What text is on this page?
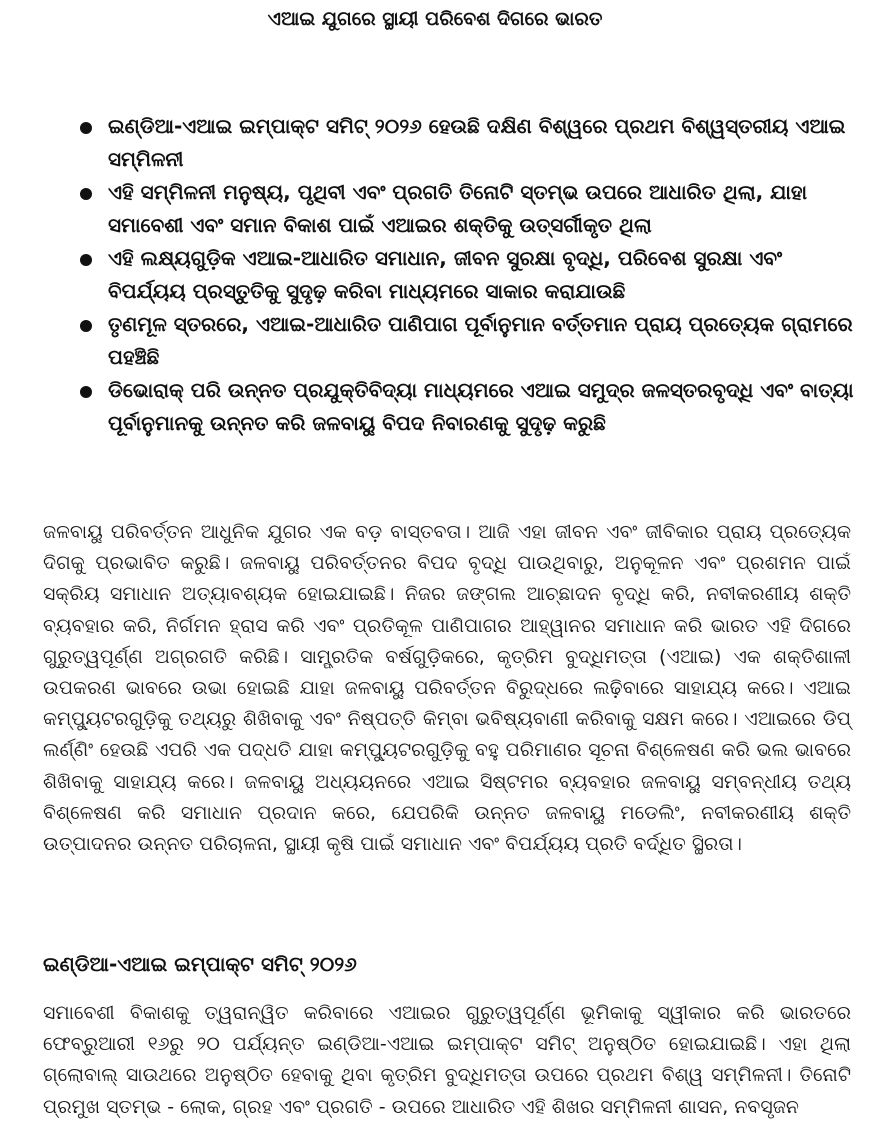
ଏଆଇ ଯୁଗରେ ସ୍ଥାୟୀ ପରିବେଶ ଦିଗରେ ଭାରତ
ଇଣ୍ଡିଆ-ଏଆଇ ଇମ୍ପାକ୍ଟ ସମିଟ୍ ୨୦୨୬ ହେଉଛି ଦକ୍ଷିଣ ବିଶ୍ୱରେ ପ୍ରଥମ ବିଶ୍ୱସ୍ତରୀୟ ଏଆଇ ସମ୍ମିଳନୀ
ଏହି ସମ୍ମିଳନୀ ମନୁଷ୍ୟ, ପୃଥିବୀ ଏବଂ ପ୍ରଗତି ତିନୋଟି ସ୍ତମ୍ଭ ଉପରେ ଆଧାରିତ ଥିଲା, ଯାହା ସମାବେଶୀ ଏବଂ ସମାନ ବିକାଶ ପାଇଁ ଏଆଇର ଶକ୍ତିକୁ ଉତ୍ସର୍ଗୀକୃତ ଥିଲା
ଏହି ଲକ୍ଷ୍ୟଗୁଡ଼ିକ ଏଆଇ-ଆଧାରିତ ସମାଧାନ, ଜୀବନ ସୁରକ୍ଷା ବୃଦ୍ଧି, ପରିବେଶ ସୁରକ୍ଷା ଏବଂ ବିପର୍ଯ୍ୟୟ ପ୍ରସ୍ତୁତିକୁ ସୁଦୃଢ଼ କରିବା ମାଧ୍ୟମରେ ସାକାର କରାଯାଉଛି
ତୃଣମୂଳ ସ୍ତରରେ, ଏଆଇ-ଆଧାରିତ ପାଣିପାଗ ପୂର୍ବାନୁମାନ ବର୍ତ୍ତମାନ ପ୍ରାୟ ପ୍ରତ୍ୟେକ ଗ୍ରାମରେ ପହଞ୍ଚିଛି
ଡିଭୋରାକ୍ ପରି ଉନ୍ନତ ପ୍ରଯୁକ୍ତିବିଦ୍ୟା ମାଧ୍ୟମରେ ଏଆଇ ସମୁଦ୍ର ଜଳସ୍ତରବୃଦ୍ଧି ଏବଂ ବାତ୍ୟା ପୂର୍ବାନୁମାନକୁ ଉନ୍ନତ କରି ଜଳବାୟୁ ବିପଦ ନିବାରଣକୁ ସୁଦୃଢ଼ କରୁଛି

ଜଳବାୟୁ ପରିବର୍ତ୍ତନ ଆଧୁନିକ ଯୁଗର ଏକ ବଡ଼ ବାସ୍ତବତା। ଆଜି ଏହା ଜୀବନ ଏବଂ ଜୀବିକାର ପ୍ରାୟ ପ୍ରତ୍ୟେକ ଦିଗକୁ ପ୍ରଭାବିତ କରୁଛି। ଜଳବାୟୁ ପରିବର୍ତ୍ତନର ବିପଦ ବୃଦ୍ଧି ପାଉଥିବାରୁ, ଅନୁକୂଳନ ଏବଂ ପ୍ରଶମନ ପାଇଁ ସକ୍ରିୟ ସମାଧାନ ଅତ୍ୟାବଶ୍ୟକ ହୋଇଯାଇଛି। ନିଜର ଜଙ୍ଗଲ ଆଚ୍ଛାଦନ ବୃଦ୍ଧି କରି, ନବୀକରଣୀୟ ଶକ୍ତି ବ୍ୟବହାର କରି, ନିର୍ଗମନ ହ୍ରାସ କରି ଏବଂ ପ୍ରତିକୂଳ ପାଣିପାଗର ଆହ୍ୱାନର ସମାଧାନ କରି ଭାରତ ଏହି ଦିଗରେ ଗୁରୁତ୍ୱପୂର୍ଣ୍ଣ ଅଗ୍ରଗତି କରିଛି। ସାମ୍ପ୍ରତିକ ବର୍ଷଗୁଡ଼ିକରେ, କୃତ୍ରିମ ବୁଦ୍ଧିମତ୍ତା (ଏଆଇ) ଏକ ଶକ୍ତିଶାଳୀ ଉପକରଣ ଭାବରେ ଉଭା ହୋଇଛି ଯାହା ଜଳବାୟୁ ପରିବର୍ତ୍ତନ ବିରୁଦ୍ଧରେ ଲଢ଼ିବାରେ ସାହାଯ୍ୟ କରେ। ଏଆଇ କମ୍ପ୍ୟୁଟରଗୁଡ଼ିକୁ ତଥ୍ୟରୁ ଶିଖିବାକୁ ଏବଂ ନିଷ୍ପତ୍ତି କିମ୍ବା ଭବିଷ୍ୟବାଣୀ କରିବାକୁ ସକ୍ଷମ କରେ। ଏଆଇରେ ଡିପ୍ ଲର୍ଣ୍ଣିଂ ହେଉଛି ଏପରି ଏକ ପଦ୍ଧତି ଯାହା କମ୍ପ୍ୟୁଟରଗୁଡ଼ିକୁ ବହୁ ପରିମାଣର ସୂଚନା ବିଶ୍ଳେଷଣ କରି ଭଲ ଭାବରେ ଶିଖିବାକୁ ସାହାଯ୍ୟ କରେ। ଜଳବାୟୁ ଅଧ୍ୟୟନରେ ଏଆଇ ସିଷ୍ଟମର ବ୍ୟବହାର ଜଳବାୟୁ ସମ୍ବନ୍ଧୀୟ ତଥ୍ୟ ବିଶ୍ଳେଷଣ କରି ସମାଧାନ ପ୍ରଦାନ କରେ, ଯେପରିକି ଉନ୍ନତ ଜଳବାୟୁ ମଡେଲିଂ, ନବୀକରଣୀୟ ଶକ୍ତି ଉତ୍ପାଦନର ଉନ୍ନତ ପରିଚାଳନା, ସ୍ଥାୟୀ କୃଷି ପାଇଁ ସମାଧାନ ଏବଂ ବିପର୍ଯ୍ୟୟ ପ୍ରତି ବର୍ଦ୍ଧିତ ସ୍ଥିରତା।

ଇଣ୍ଡିଆ-ଏଆଇ ଇମ୍ପାକ୍ଟ ସମିଟ୍ ୨୦୨୬

ସମାବେଶୀ ବିକାଶକୁ ତ୍ୱରାନ୍ୱିତ କରିବାରେ ଏଆଇର ଗୁରୁତ୍ୱପୂର୍ଣ୍ଣ ଭୂମିକାକୁ ସ୍ୱୀକାର କରି ଭାରତରେ ଫେବ୍ରୁଆରୀ ୧୬ରୁ ୨୦ ପର୍ଯ୍ୟନ୍ତ ଇଣ୍ଡିଆ-ଏଆଇ ଇମ୍ପାକ୍ଟ ସମିଟ୍ ଅନୁଷ୍ଠିତ ହୋଇଯାଇଛି। ଏହା ଥିଲା ଗ୍ଲୋବାଲ୍ ସାଉଥରେ ଅନୁଷ୍ଠିତ ହେବାକୁ ଥିବା କୃତ୍ରିମ ବୁଦ୍ଧିମତ୍ତା ଉପରେ ପ୍ରଥମ ବିଶ୍ୱ ସମ୍ମିଳନୀ। ତିନୋଟି ପ୍ରମୁଖ ସ୍ତମ୍ଭ - ଲୋକ, ଗ୍ରହ ଏବଂ ପ୍ରଗତି - ଉପରେ ଆଧାରିତ ଏହି ଶିଖର ସମ୍ମିଳନୀ ଶାସନ, ନବସୃଜନ
